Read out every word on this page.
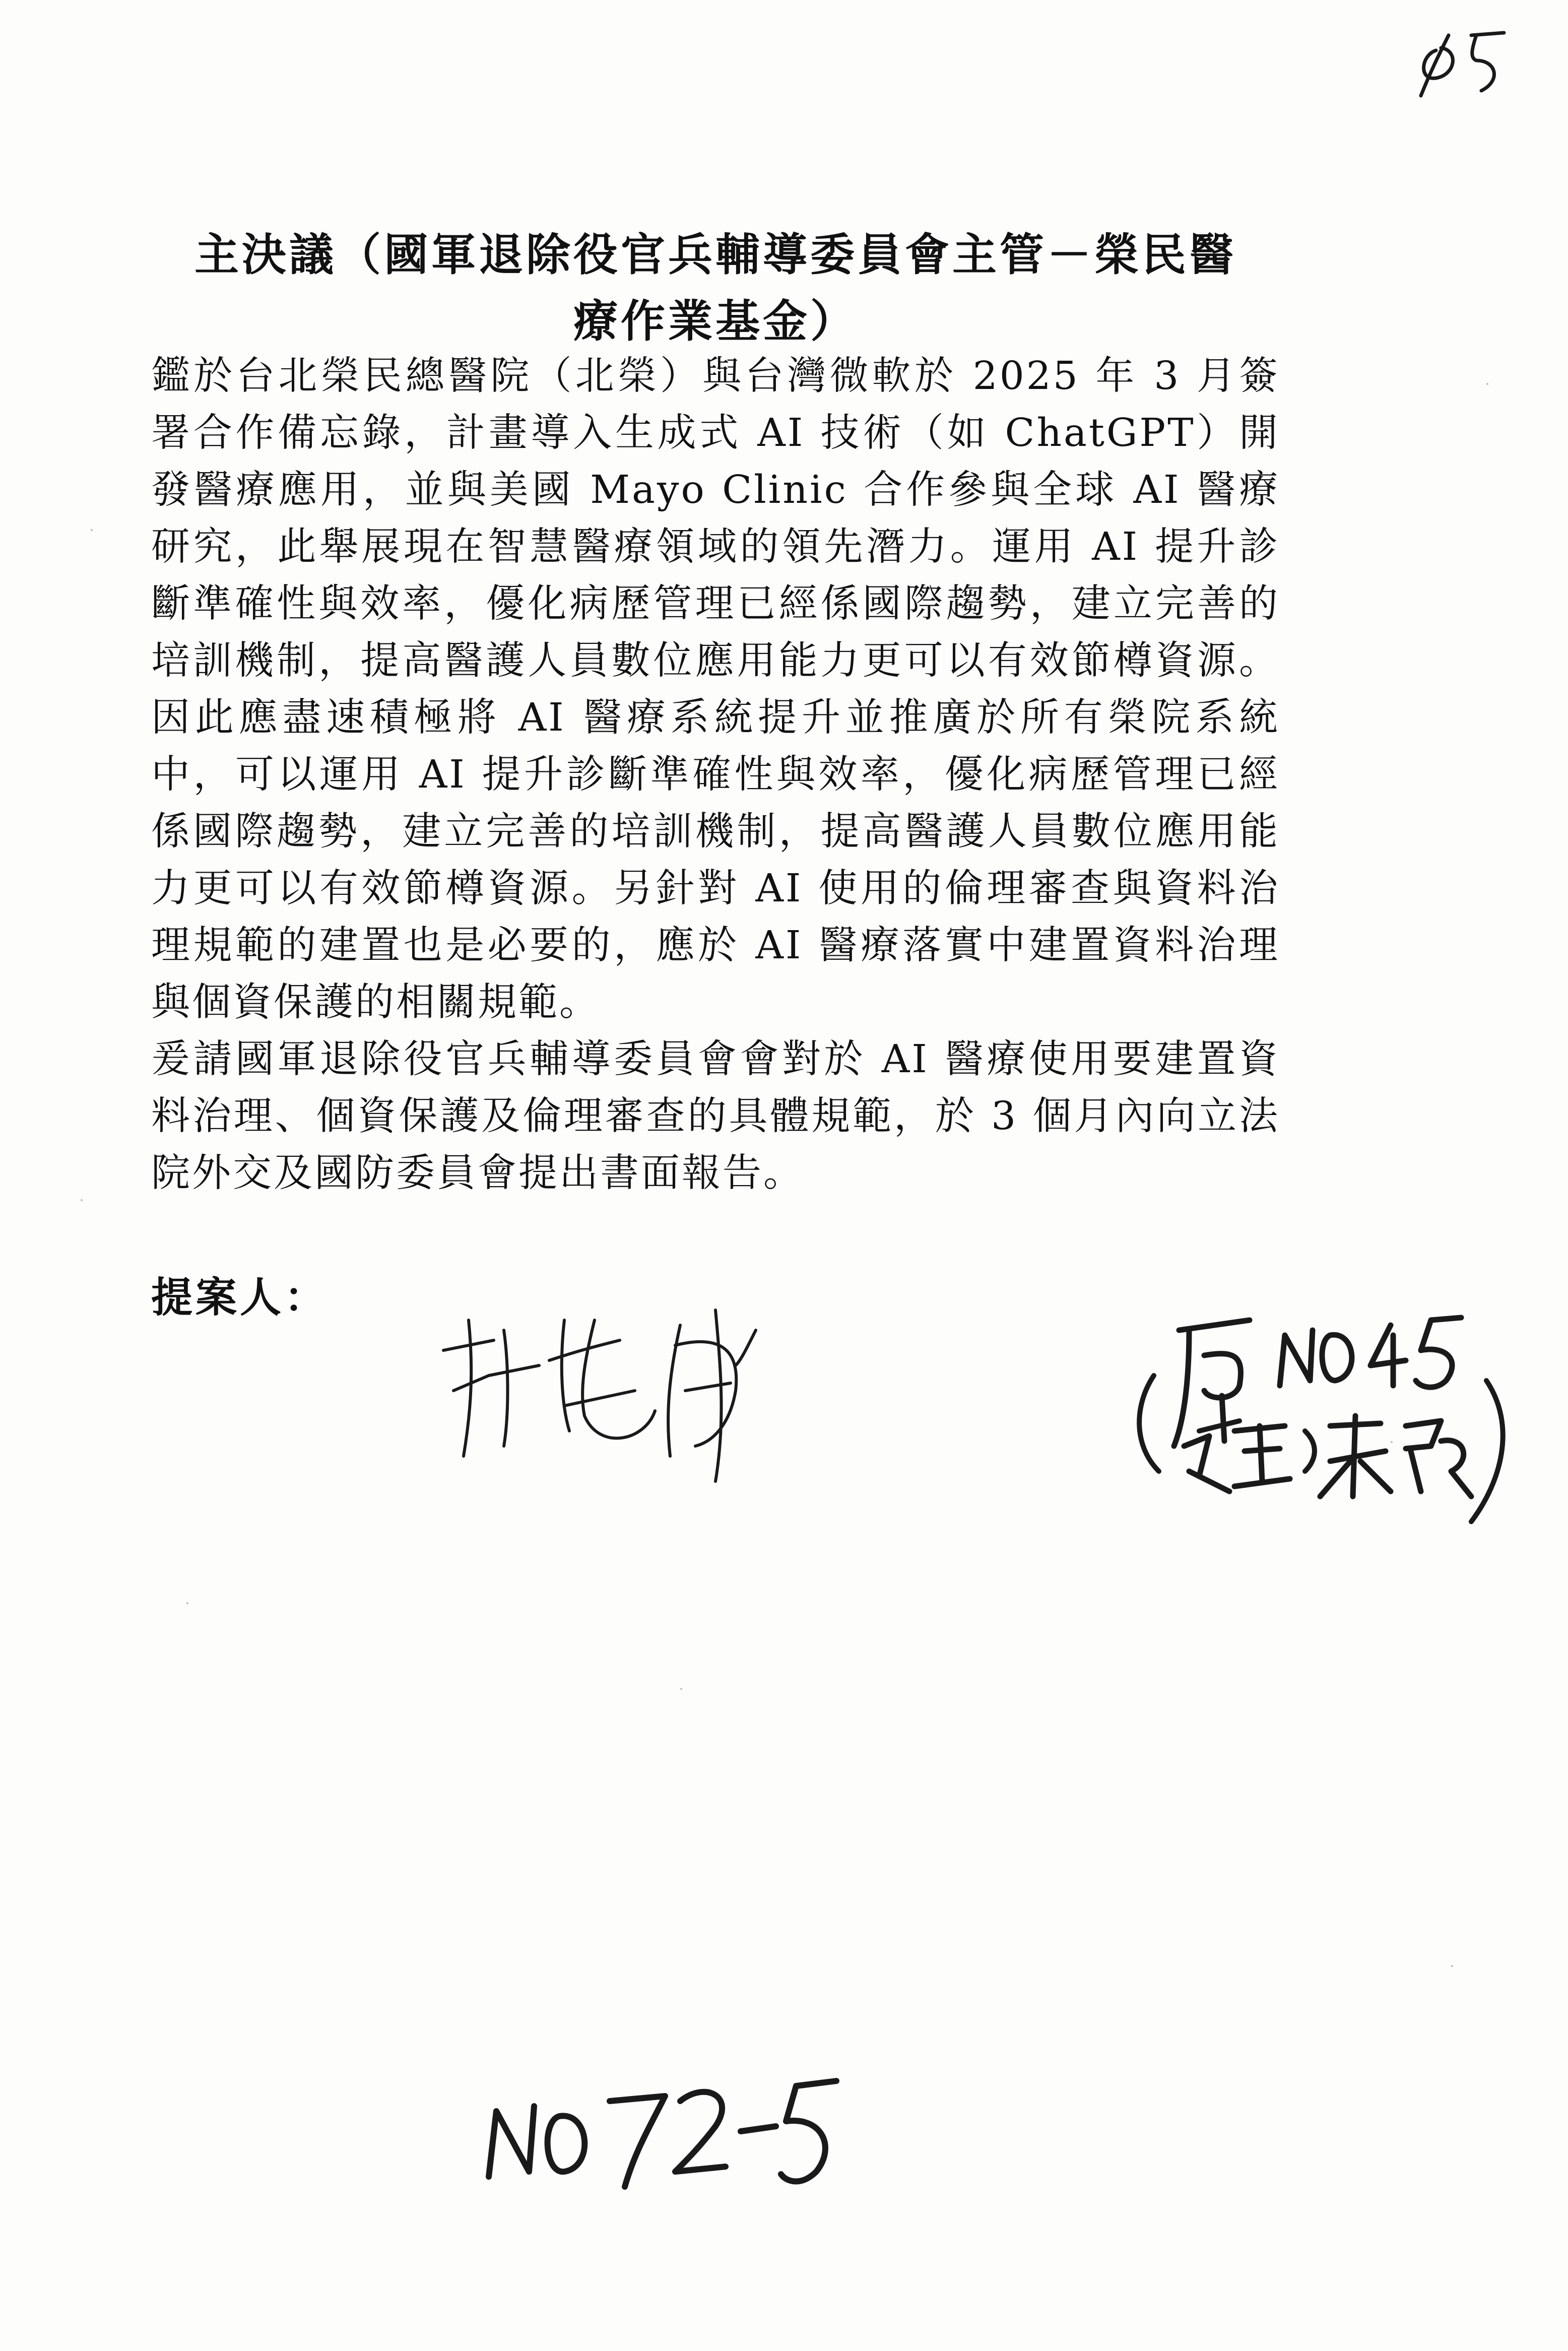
主決議（國軍退除役官兵輔導委員會主管－榮民醫
療作業基金）

鑑於台北榮民總醫院（北榮）與台灣微軟於 2025 年 3 月簽署合作備忘錄，計畫導入生成式 AI 技術（如 ChatGPT）開發醫療應用，並與美國 Mayo Clinic 合作參與全球 AI 醫療研究，此舉展現在智慧醫療領域的領先潛力。運用 AI 提升診斷準確性與效率，優化病歷管理已經係國際趨勢，建立完善的培訓機制，提高醫護人員數位應用能力更可以有效節樽資源。因此應盡速積極將 AI 醫療系統提升並推廣於所有榮院系統中，可以運用 AI 提升診斷準確性與效率，優化病歷管理已經係國際趨勢，建立完善的培訓機制，提高醫護人員數位應用能力更可以有效節樽資源。另針對 AI 使用的倫理審查與資料治理規範的建置也是必要的，應於 AI 醫療落實中建置資料治理與個資保護的相關規範。

爰請國軍退除役官兵輔導委員會會對於 AI 醫療使用要建置資料治理、個資保護及倫理審查的具體規範，於 3 個月內向立法院外交及國防委員會提出書面報告。

提案人：
